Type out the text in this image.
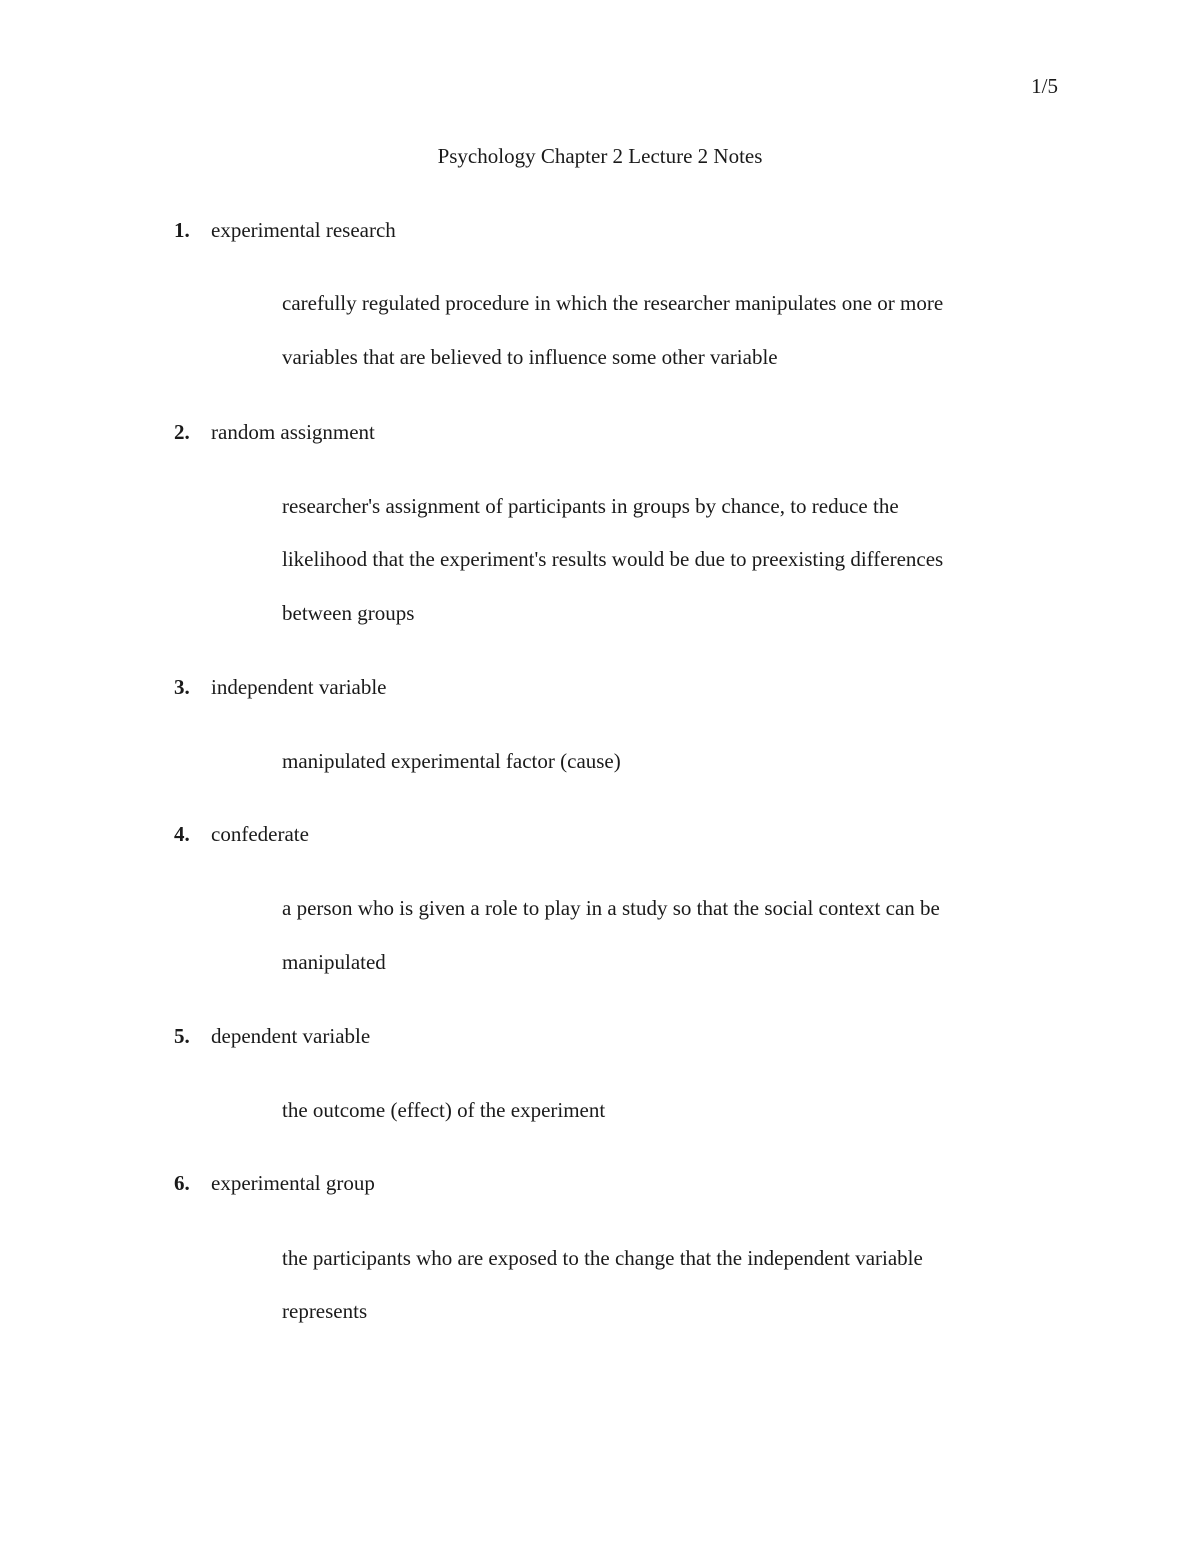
1/5
Psychology Chapter 2 Lecture 2 Notes
1. experimental research
carefully regulated procedure in which the researcher manipulates one or more
variables that are believed to influence some other variable
2. random assignment
researcher's assignment of participants in groups by chance, to reduce the
likelihood that the experiment's results would be due to preexisting differences
between groups
3. independent variable
manipulated experimental factor (cause)
4. confederate
a person who is given a role to play in a study so that the social context can be
manipulated
5. dependent variable
the outcome (effect) of the experiment
6. experimental group
the participants who are exposed to the change that the independent variable
represents
